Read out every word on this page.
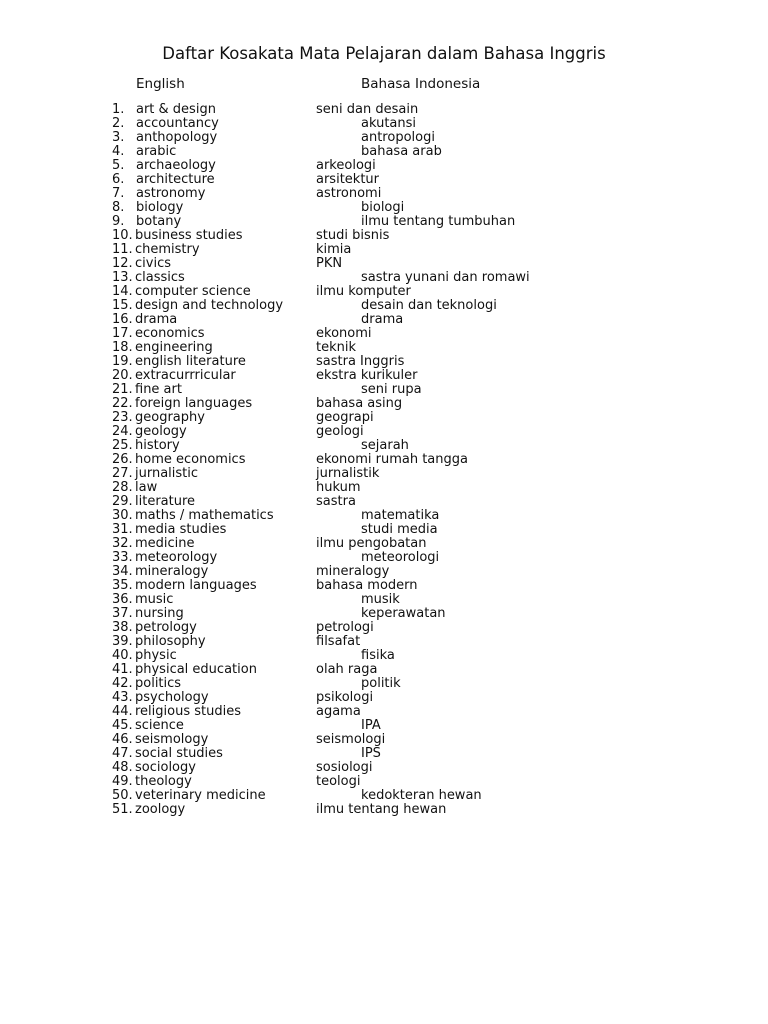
Daftar Kosakata Mata Pelajaran dalam Bahasa Inggris
English	Bahasa Indonesia
1. art & design	seni dan desain
2. accountancy	akutansi
3. anthopology	antropologi
4. arabic	bahasa arab
5. archaeology	arkeologi
6. architecture	arsitektur
7. astronomy	astronomi
8. biology	biologi
9. botany	ilmu tentang tumbuhan
10. business studies	studi bisnis
11. chemistry	kimia
12. civics	PKN
13. classics	sastra yunani dan romawi
14. computer science	ilmu komputer
15. design and technology	desain dan teknologi
16. drama	drama
17. economics	ekonomi
18. engineering	teknik
19. english literature	sastra Inggris
20. extracurrricular	ekstra kurikuler
21. fine art	seni rupa
22. foreign languages	bahasa asing
23. geography	geograpi
24. geology	geologi
25. history	sejarah
26. home economics	ekonomi rumah tangga
27. jurnalistic	jurnalistik
28. law	hukum
29. literature	sastra
30. maths / mathematics	matematika
31. media studies	studi media
32. medicine	ilmu pengobatan
33. meteorology	meteorologi
34. mineralogy	mineralogy
35. modern languages	bahasa modern
36. music	musik
37. nursing	keperawatan
38. petrology	petrologi
39. philosophy	filsafat
40. physic	fisika
41. physical education	olah raga
42. politics	politik
43. psychology	psikologi
44. religious studies	agama
45. science	IPA
46. seismology	seismologi
47. social studies	IPS
48. sociology	sosiologi
49. theology	teologi
50. veterinary medicine	kedokteran hewan
51. zoology	ilmu tentang hewan
